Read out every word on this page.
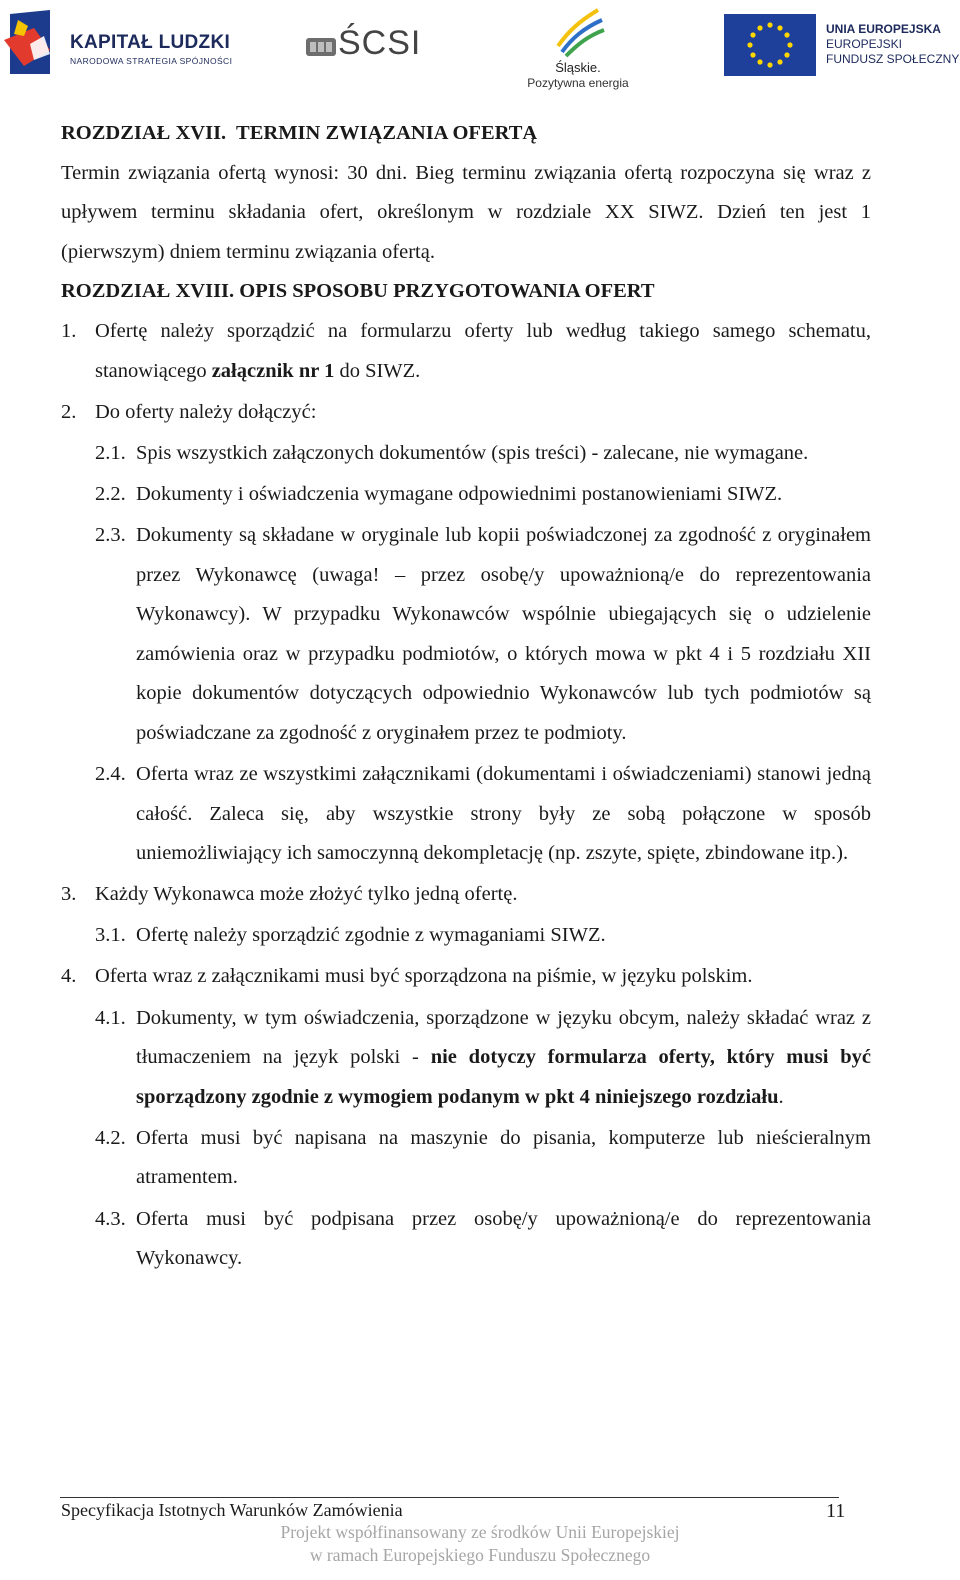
KAPITAŁ LUDZKI
NARODOWA STRATEGIA SPÓJNOŚCI	ŚCSI
Śląskie.
Pozytywna energia
UNIA EUROPEJSKA
EUROPEJSKI
FUNDUSZ SPOŁECZNY

ROZDZIAŁ XVII.  TERMIN ZWIĄZANIA OFERTĄ

Termin związania ofertą wynosi: 30 dni. Bieg terminu związania ofertą rozpoczyna się wraz z upływem terminu składania ofert, określonym w rozdziale XX SIWZ. Dzień ten jest 1 (pierwszym) dniem terminu związania ofertą.

ROZDZIAŁ XVIII. OPIS SPOSOBU PRZYGOTOWANIA OFERT

1. Ofertę należy sporządzić na formularzu oferty lub według takiego samego schematu, stanowiącego załącznik nr 1 do SIWZ.
2. Do oferty należy dołączyć:
2.1. Spis wszystkich załączonych dokumentów (spis treści) - zalecane, nie wymagane.
2.2. Dokumenty i oświadczenia wymagane odpowiednimi postanowieniami SIWZ.
2.3. Dokumenty są składane w oryginale lub kopii poświadczonej za zgodność z oryginałem przez Wykonawcę (uwaga! – przez osobę/y upoważnioną/e do reprezentowania Wykonawcy). W przypadku Wykonawców wspólnie ubiegających się o udzielenie zamówienia oraz w przypadku podmiotów, o których mowa w pkt 4 i 5 rozdziału XII kopie dokumentów dotyczących odpowiednio Wykonawców lub tych podmiotów są poświadczane za zgodność z oryginałem przez te podmioty.
2.4. Oferta wraz ze wszystkimi załącznikami (dokumentami i oświadczeniami) stanowi jedną całość. Zaleca się, aby wszystkie strony były ze sobą połączone w sposób uniemożliwiający ich samoczynną dekompletację (np. zszyte, spięte, zbindowane itp.).
3. Każdy Wykonawca może złożyć tylko jedną ofertę.
3.1. Ofertę należy sporządzić zgodnie z wymaganiami SIWZ.
4. Oferta wraz z załącznikami musi być sporządzona na piśmie, w języku polskim.
4.1. Dokumenty, w tym oświadczenia, sporządzone w języku obcym, należy składać wraz z tłumaczeniem na język polski - nie dotyczy formularza oferty, który musi być sporządzony zgodnie z wymogiem podanym w pkt 4 niniejszego rozdziału.
4.2. Oferta musi być napisana na maszynie do pisania, komputerze lub nieścieralnym atramentem.
4.3. Oferta musi być podpisana przez osobę/y upoważnioną/e do reprezentowania Wykonawcy.
Specyfikacja Istotnych Warunków Zamówienia	11
Projekt współfinansowany ze środków Unii Europejskiej
w ramach Europejskiego Funduszu Społecznego
